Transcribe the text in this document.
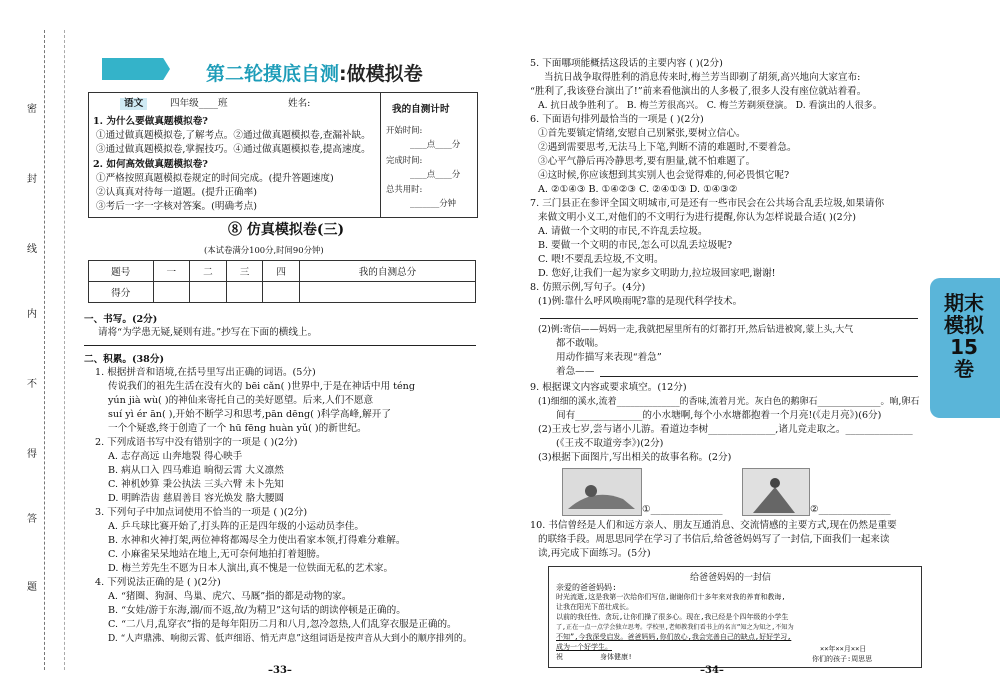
密
封
线
内
不
得
答
题
第二轮摸底自测:做模拟卷
语文	四年级____班	姓名:
1. 为什么要做真题模拟卷?
①通过做真题模拟卷,了解考点。②通过做真题模拟卷,查漏补缺。
③通过做真题模拟卷,掌握技巧。④通过做真题模拟卷,提高速度。
2. 如何高效做真题模拟卷?
①严格按照真题模拟卷规定的时间完成。(提升答题速度)
②认真真对待每一道题。(提升正确率)
③考后一字一字核对答案。(明确考点)
我的自测计时
开始时间:
____点____分
完成时间:
____点____分
总共用时:
_______分钟
⑧ 仿真模拟卷(三)
(本试卷满分100分,时间90分钟)
题号	一	二	三	四	我的自测总分
得分					
一、书写。(2分)
请将“为学患无疑,疑则有进。”抄写在下面的横线上。
二、积累。(38分)
1. 根据拼音和语境,在括号里写出正确的词语。(5分)
传说我们的祖先生活在没有火的 bēi cǎn( )世界中,于是在神话中用 téng
yún jià wù( )的神仙来寄托自己的美好愿望。后来,人们不愿意
suí yì ér ān( ),开始不断学习和思考,pān dēng( )科学高峰,解开了
一个个疑惑,终于创造了一个 hū fēng huàn yǔ( )的新世纪。
2. 下列成语书写中没有错别字的一项是 ( )(2分)
A. 志存高远 山奔地裂 得心映手
B. 病从口入 四马难追 晌彻云霄 大义凛然
C. 神机妙算 秉公执法 三头六臂 未卜先知
D. 明眸浩齿 慈眉善目 容光焕发 胳大腰圆
3. 下列句子中加点词使用不恰当的一项是 ( )(2分)
A. 乒乓球比赛开始了,打头阵的正是四年级的小运动员李佳。
B. 水神和火神打架,两位神将都竭尽全力使出看家本领,打得难分难解。
C. 小麻雀呆呆地站在地上,无可奈何地拍打着翅膀。
D. 梅兰芳先生不愿为日本人演出,真不愧是一位铁面无私的艺术家。
4. 下列说法正确的是 ( )(2分)
A. “猪圈、狗洞、鸟巢、虎穴、马厩”指的都是动物的家。
B. “女娃/游于东海,溺/而不返,故/为精卫”这句话的朗读停顿是正确的。
C. “二八月,乱穿衣”指的是每年阳历二月和八月,忽冷忽热,人们乱穿衣服是正确的。
D. “人声鼎沸、响彻云霄、低声细语、悄无声息”这组词语是按声音从大到小的顺序排列的。
–33–
5. 下面哪项能概括这段话的主要内容 ( )(2分)
当抗日战争取得胜利的消息传来时,梅兰芳当即剃了胡须,高兴地向大家宣布:
“胜利了,我该登台演出了!”前来看他演出的人多极了,很多人没有座位就站着看。
A. 抗日战争胜利了。 B. 梅兰芳很高兴。 C. 梅兰芳剃须登演。 D. 看演出的人很多。
6. 下面语句排列最恰当的一项是 ( )(2分)
①首先要镇定情绪,安慰自己别紧张,要树立信心。
②遇到需要思考,无法马上下笔,判断不清的难题时,不要着急。
③心平气静后再冷静思考,要有胆量,就不怕难题了。
④这时候,你应该想到其实别人也会觉得难的,何必畏惧它呢?
A. ②①④③ B. ①④②③ C. ②④①③ D. ①④③②
7. 三门县正在参评全国文明城市,可是还有一些市民会在公共场合乱丢垃圾,如果请你
来做文明小义工,对他们的不文明行为进行提醒,你认为怎样说最合适( )(2分)
A. 请做一个文明的市民,不许乱丢垃圾。
B. 要做一个文明的市民,怎么可以乱丢垃圾呢?
C. 喂!不要乱丢垃圾,不文明。
D. 您好,让我们一起为家乡文明助力,拉垃圾回家吧,谢谢!
8. 仿照示例,写句子。(4分)
(1)例:靠什么呼风唤雨呢?靠的是现代科学技术。
(2)例:寄信——妈妈一走,我就把屋里所有的灯都打开,然后钻进被窝,蒙上头,大气
都不敢喘。
用动作描写来表现“着急”
着急——
9. 根据课文内容或要求填空。(12分)
(1)细细的溪水,流着______________的香味,流着月光。灰白色的鹅卵石______________。晌,卵石
间有______________的小水塘啊,每个小水塘都抱着一个月亮!(《走月亮》)(6分)
(2)王戎七岁,尝与诸小儿游。看道边李树______________,诸儿竞走取之。______________
(《王戎不取道旁李》)(2分)
(3)根据下面图片,写出相关的故事名称。(2分)
①_______________	②_______________
10. 书信曾经是人们和远方亲人、朋友互通消息、交流情感的主要方式,现在仍然是重要
的联络手段。周思思同学在学习了书信后,给爸爸妈妈写了一封信,下面我们一起来读
读,再完成下面练习。(5分)
给爸爸妈妈的一封信
亲爱的爸爸妈妈:
时光流逝,这是我第一次给你们写信,谢谢你们十多年来对我的养育和教诲,
让我在阳光下茁壮成长。
以前的我任性、贪玩,让你们操了很多心。现在,我已经是个四年级的小学生
了,正在一点一点学会独立思考。学校里,老师教我们看书上的名言“知之为知之,不知为
不知”,今我深受启发。爸爸妈妈,你们放心,我会完善自己的缺点,好好学习,
成为一个好学生。
祝	身体健康!
××年××月××日
你们的孩子:周思思
–34–
期末模拟15卷
